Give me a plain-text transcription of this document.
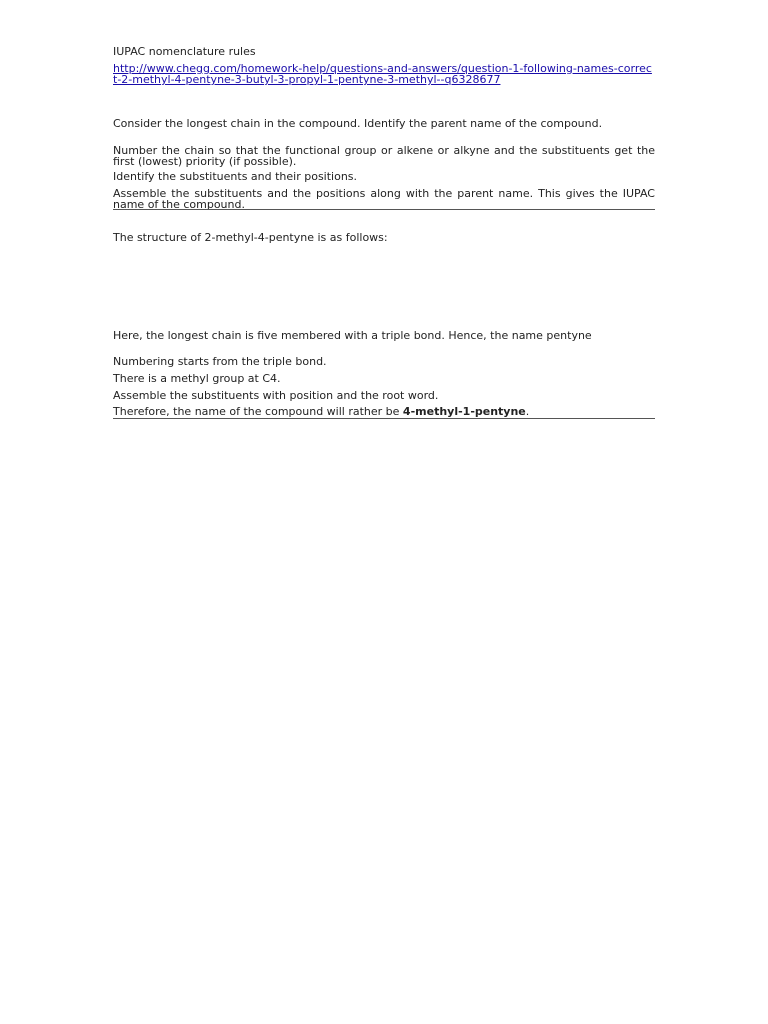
IUPAC nomenclature rules
http://www.chegg.com/homework-help/questions-and-answers/question-1-following-names-correct-2-methyl-4-pentyne-3-butyl-3-propyl-1-pentyne-3-methyl--q6328677
Consider the longest chain in the compound. Identify the parent name of the compound.
Number the chain so that the functional group or alkene or alkyne and the substituents get the first (lowest) priority (if possible).
Identify the substituents and their positions.
Assemble the substituents and the positions along with the parent name. This gives the IUPAC name of the compound.
The structure of 2-methyl-4-pentyne is as follows:
Here, the longest chain is five membered with a triple bond. Hence, the name pentyne
Numbering starts from the triple bond.
There is a methyl group at C4.
Assemble the substituents with position and the root word.
Therefore, the name of the compound will rather be 4-methyl-1-pentyne.
